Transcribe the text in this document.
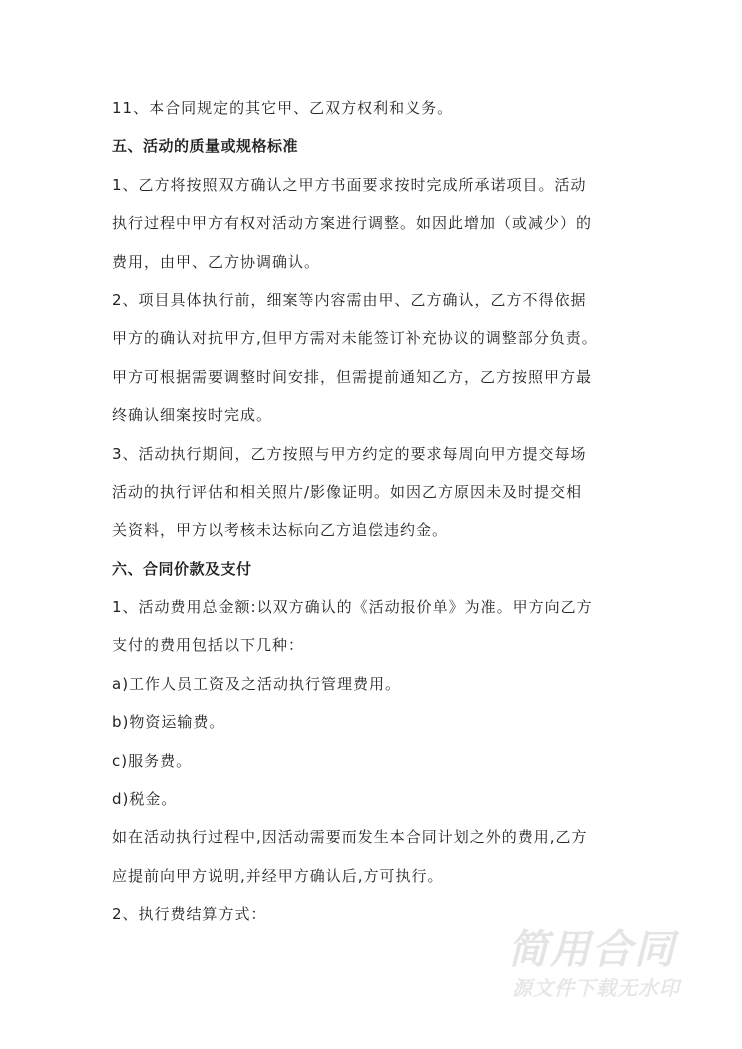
11、本合同规定的其它甲、乙双方权利和义务。
五、活动的质量或规格标准
1、乙方将按照双方确认之甲方书面要求按时完成所承诺项目。活动
执行过程中甲方有权对活动方案进行调整。如因此增加（或减少）的
费用，由甲、乙方协调确认。
2、项目具体执行前，细案等内容需由甲、乙方确认，乙方不得依据
甲方的确认对抗甲方,但甲方需对未能签订补充协议的调整部分负责。
甲方可根据需要调整时间安排，但需提前通知乙方，乙方按照甲方最
终确认细案按时完成。
3、活动执行期间，乙方按照与甲方约定的要求每周向甲方提交每场
活动的执行评估和相关照片/影像证明。如因乙方原因未及时提交相
关资料，甲方以考核未达标向乙方追偿违约金。
六、合同价款及支付
1、活动费用总金额:以双方确认的《活动报价单》为准。甲方向乙方
支付的费用包括以下几种：
a)工作人员工资及之活动执行管理费用。
b)物资运输费。
c)服务费。
d)税金。
如在活动执行过程中,因活动需要而发生本合同计划之外的费用,乙方
应提前向甲方说明,并经甲方确认后,方可执行。
2、执行费结算方式：
简用合同
源文件下载无水印
